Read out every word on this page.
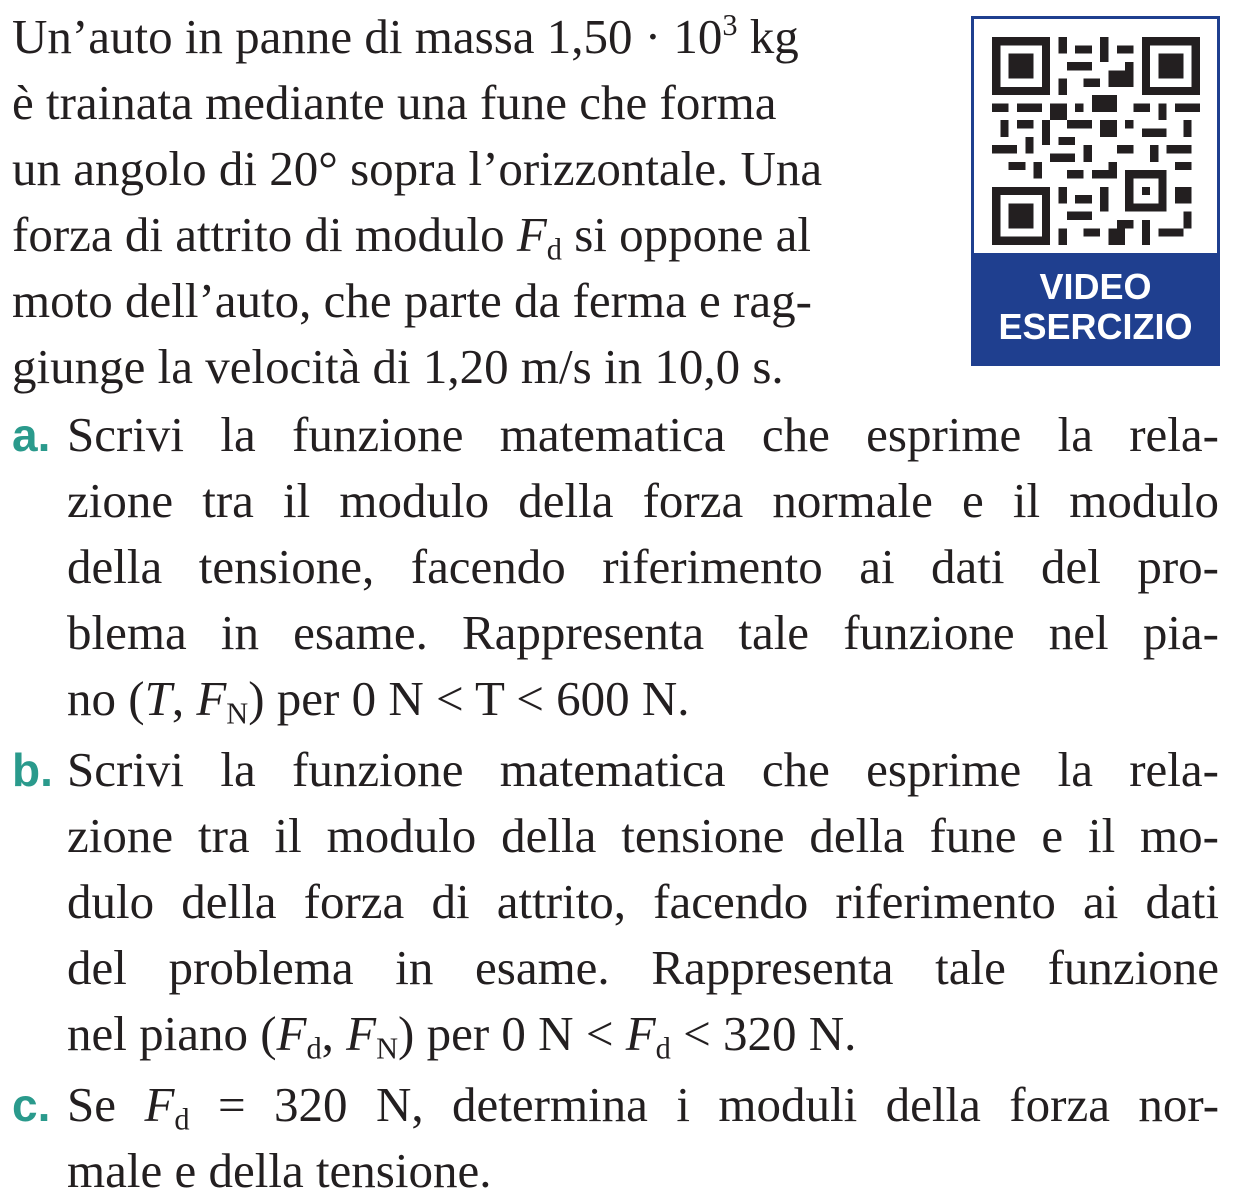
Un’auto in panne di massa $1,50 \cdot 10^3$ kg
è trainata mediante una fune che forma
un angolo di 20° sopra l’orizzontale. Una
forza di attrito di modulo $F_d$ si oppone al
moto dell’auto, che parte da ferma e rag-
giunge la velocità di 1,20 m/s in 10,0 s.
VIDEO
ESERCIZIO
a. Scrivi la funzione matematica che esprime la rela-
zione tra il modulo della forza normale e il modulo
della tensione, facendo riferimento ai dati del pro-
blema in esame. Rappresenta tale funzione nel pia-
no (T, $F_N$) per 0 N < T < 600 N.
b. Scrivi la funzione matematica che esprime la rela-
zione tra il modulo della tensione della fune e il mo-
dulo della forza di attrito, facendo riferimento ai dati
del problema in esame. Rappresenta tale funzione
nel piano ($F_d$, $F_N$) per 0 $N < F_d < 320$ N.
c. Se $F_d = 320$ N, determina i moduli della forza nor-
male e della tensione.
